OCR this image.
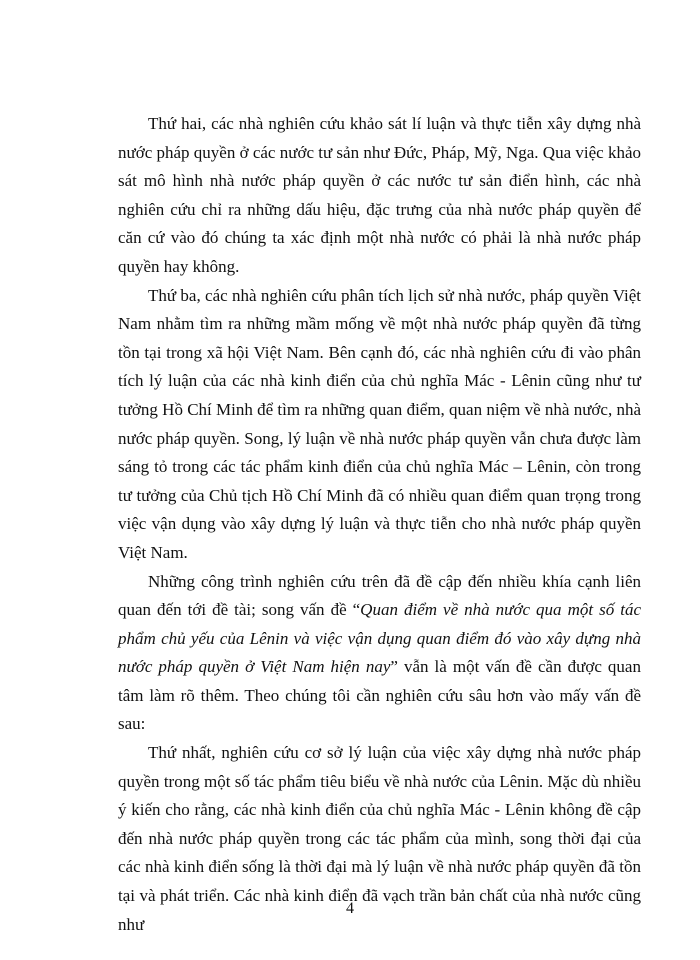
Thứ hai, các nhà nghiên cứu khảo sát lí luận và thực tiễn xây dựng nhà nước pháp quyền ở các nước tư sản như Đức, Pháp, Mỹ, Nga. Qua việc khảo sát mô hình nhà nước pháp quyền ở các nước tư sản điển hình, các nhà nghiên cứu chỉ ra những dấu hiệu, đặc trưng của nhà nước pháp quyền để căn cứ vào đó chúng ta xác định một nhà nước có phải là nhà nước pháp quyền hay không.

Thứ ba, các nhà nghiên cứu phân tích lịch sử nhà nước, pháp quyền Việt Nam nhằm tìm ra những mầm mống về một nhà nước pháp quyền đã từng tồn tại trong xã hội Việt Nam. Bên cạnh đó, các nhà nghiên cứu đi vào phân tích lý luận của các nhà kinh điển của chủ nghĩa Mác - Lênin cũng như tư tưởng Hồ Chí Minh để tìm ra những quan điểm, quan niệm về nhà nước, nhà nước pháp quyền. Song, lý luận về nhà nước pháp quyền vẫn chưa được làm sáng tỏ trong các tác phẩm kinh điển của chủ nghĩa Mác – Lênin, còn trong tư tưởng của Chủ tịch Hồ Chí Minh đã có nhiều quan điểm quan trọng trong việc vận dụng vào xây dựng lý luận và thực tiễn cho nhà nước pháp quyền Việt Nam.

Những công trình nghiên cứu trên đã đề cập đến nhiều khía cạnh liên quan đến tới đề tài; song vấn đề “Quan điểm về nhà nước qua một số tác phẩm chủ yếu của Lênin và việc vận dụng quan điểm đó vào xây dựng nhà nước pháp quyền ở Việt Nam hiện nay” vẫn là một vấn đề cần được quan tâm làm rõ thêm. Theo chúng tôi cần nghiên cứu sâu hơn vào mấy vấn đề sau:

Thứ nhất, nghiên cứu cơ sở lý luận của việc xây dựng nhà nước pháp quyền trong một số tác phẩm tiêu biểu về nhà nước của Lênin. Mặc dù nhiều ý kiến cho rằng, các nhà kinh điển của chủ nghĩa Mác - Lênin không đề cập đến nhà nước pháp quyền trong các tác phẩm của mình, song thời đại của các nhà kinh điển sống là thời đại mà lý luận về nhà nước pháp quyền đã tồn tại và phát triển. Các nhà kinh điển đã vạch trần bản chất của nhà nước cũng như

4
